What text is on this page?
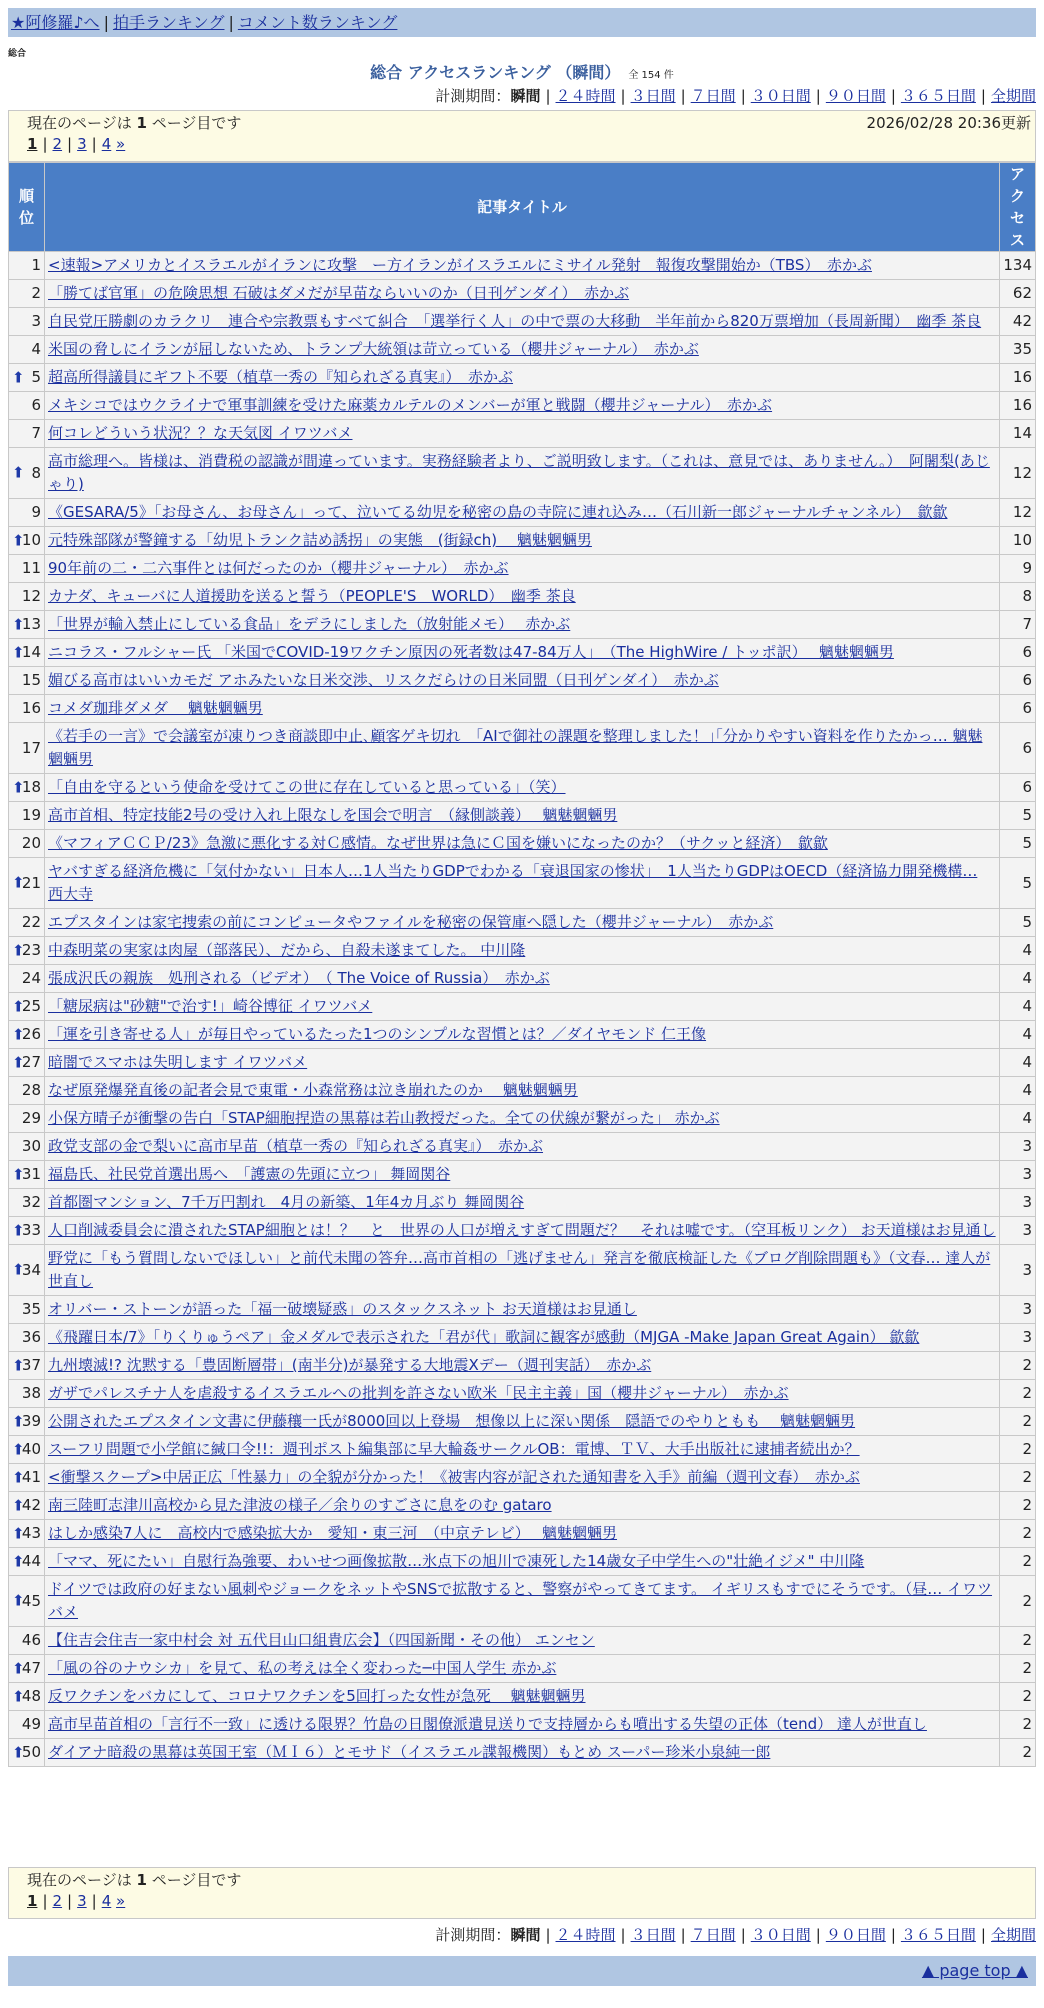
★阿修羅♪へ | 拍手ランキング | コメント数ランキング
総合
総合 アクセスランキング （瞬間） 全 154 件
計測期間：瞬間 | ２４時間 | ３日間 | ７日間 | ３０日間 | ９０日間 | ３６５日間 | 全期間
現在のページは 1 ページ目です	2026/02/28 20:36更新
1 | 2 | 3 | 4 »
順位	記事タイトル	アクセス
1	<速報>アメリカとイスラエルがイランに攻撃　ー方イランがイスラエルにミサイル発射　報復攻撃開始か（TBS）　赤かぶ	134
2	「勝てば官軍」の危険思想 石破はダメだが早苗ならいいのか（日刊ゲンダイ）　赤かぶ	62
3	自民党圧勝劇のカラクリ　連合や宗教票もすべて糾合　「選挙行く人」の中で票の大移動　半年前から820万票増加（長周新聞）　幽季 茶良	42
4	米国の脅しにイランが屈しないため、トランプ大統領は苛立っている（櫻井ジャーナル）　赤かぶ	35

⬆ 5	超高所得議員にギフト不要（植草一秀の『知られざる真実』）　赤かぶ	16
6	メキシコではウクライナで軍事訓練を受けた麻薬カルテルのメンバーが軍と戦闘（櫻井ジャーナル）　赤かぶ	16
7	何コレどういう状況？？な天気図 イワツバメ	14

⬆ 8	高市総理へ。皆様は、消費税の認識が間違っています。実務経験者より、ご説明致します。（これは、意見では、ありません。）　阿闍梨(あじゃり)	12
9	《GESARA/5》「お母さん、お母さん」って、泣いてる幼児を秘密の島の寺院に連れ込み…（石川新一郎ジャーナルチャンネル）　歙歙	12

⬆
10	元特殊部隊が警鐘する「幼児トランク詰め誘拐」の実態　(街録ch)　 魑魅魍魎男	10
11	90年前の二・二六事件とは何だったのか（櫻井ジャーナル）　赤かぶ	9
12	カナダ、キューバに人道援助を送ると誓う（PEOPLE'S　WORLD）　幽季 茶良	8

⬆
13	「世界が輸入禁止にしている食品」をデラにしました（放射能メモ）　 赤かぶ	7

⬆
14	ニコラス・フルシャー氏 「米国でCOVID-19ワクチン原因の死者数は47-84万人」　（The HighWire / トッポ訳）　 魑魅魍魎男	6
15	媚びる高市はいいカモだ アホみたいな日米交渉、リスクだらけの日米同盟（日刊ゲンダイ）　赤かぶ	6
16	コメダ珈琲ダメダ　 魑魅魍魎男	6
17	《若手の一言》で会議室が凍りつき商談即中止､顧客ゲキ切れ　「AIで御社の課題を整理しました！｣｢分かりやすい資料を作りたかっ… 魑魅魍魎男	6

⬆
18	「自由を守るという使命を受けてこの世に存在していると思っている」（笑）	6
19	高市首相、特定技能2号の受け入れ上限なしを国会で明言　（縁側談義）　 魑魅魍魎男	5
20	《マフィアＣＣＰ/23》急激に悪化する対Ｃ感情。なぜ世界は急にＣ国を嫌いになったのか？（サクッと経済）　歙歙	5

⬆
21	ヤバすぎる経済危機に「気付かない」日本人…1人当たりGDPでわかる「衰退国家の惨状」　1人当たりGDPはOECD（経済協力開発機構… 西大寺	5
22	エプスタインは家宅捜索の前にコンピュータやファイルを秘密の保管庫へ隠した（櫻井ジャーナル）　赤かぶ	5

⬆
23	中森明菜の実家は肉屋（部落民）、だから、自殺未遂まてした。 中川隆	4
24	張成沢氏の親族　処刑される（ビデオ）　（ The Voice of Russia）　赤かぶ	4

⬆
25	「糖尿病は"砂糖"で治す!」崎谷博征 イワツバメ	4

⬆
26	「運を引き寄せる人」が毎日やっているたった1つのシンプルな習慣とは？／ダイヤモンド 仁王像	4

⬆
27	暗闇でスマホは失明します イワツバメ	4
28	なぜ原発爆発直後の記者会見で東電・小森常務は泣き崩れたのか　 魑魅魍魎男	4
29	小保方晴子が衝撃の告白「STAP細胞捏造の黒幕は若山教授だった。全ての伏線が繋がった」 赤かぶ	4
30	政党支部の金で梨いに高市早苗（植草一秀の『知られざる真実』）　赤かぶ	3

⬆
31	福島氏、社民党首選出馬へ　「護憲の先頭に立つ」 舞岡関谷	3
32	首都圏マンション、7千万円割れ　4月の新築、1年4カ月ぶり 舞岡関谷	3

⬆
33	人口削減委員会に潰されたSTAP細胞とは！？　と　世界の人口が増えすぎて問題だ？　それは嘘です。（空耳板リンク） お天道様はお見通し	3

⬆
34	野党に「もう質問しないでほしい」と前代未聞の答弁…高市首相の「逃げません」発言を徹底検証した《ブログ削除問題も》（文春… 達人が世直し	3
35	オリバー・ストーンが語った「福一破壊疑惑」のスタックスネット お天道様はお見通し	3
36	《飛躍日本/7》「りくりゅうペア」金メダルで表示された「君が代」歌詞に観客が感動（MJGA -Make Japan Great Again） 歙歙	3

⬆
37	九州壊滅!? 沈黙する「豊固断層帯」(南半分)が暴発する大地震Xデー（週刊実話）　赤かぶ	2
38	ガザでパレスチナ人を虐殺するイスラエルへの批判を許さない欧米「民主主義」国（櫻井ジャーナル）　赤かぶ	2

⬆
39	公開されたエプスタイン文書に伊藤穰一氏が8000回以上登場　想像以上に深い関係　隠語でのやりともも　 魑魅魍魎男	2

⬆
40	スーフリ問題で小学館に緘口令!!：週刊ポスト編集部に早大輪姦サークルOB：電博、ＴＶ、大手出版社に逮捕者続出か？	2

⬆
41	<衝撃スクープ>中居正広「性暴力」の全貌が分かった！《被害内容が記された通知書を入手》前編（週刊文春）　赤かぶ	2

⬆
42	南三陸町志津川高校から見た津波の様子／余りのすごさに息をのむ gataro	2

⬆
43	はしか感染7人に　高校内で感染拡大か　愛知・東三河　（中京テレビ）　 魑魅魍魎男	2

⬆
44	「ママ、死にたい」自慰行為強要、わいせつ画像拡散…氷点下の旭川で凍死した14歳女子中学生への"壮絶イジメ" 中川隆	2

⬆
45	ドイツでは政府の好まない風刺やジョークをネットやSNSで拡散すると、警察がやってきてます。 イギリスもすでにそうです。（昼… イワツバメ	2
46	【住吉会住吉一家中村会 対 五代目山口組貴広会】（四国新聞・その他） エンセン	2

⬆
47	「風の谷のナウシカ」を見て、私の考えは全く変わった─中国人学生 赤かぶ	2

⬆
48	反ワクチンをバカにして、コロナワクチンを5回打った女性が急死　 魑魅魍魎男	2
49	高市早苗首相の「言行不一致」に透ける限界？竹島の日閣僚派遣見送りで支持層からも噴出する失望の正体（tend） 達人が世直し	2

⬆
50	ダイアナ暗殺の黒幕は英国王室（ＭＩ６）とモサド（イスラエル諜報機関）もとめ スーパー珍米小泉純一郎	2
現在のページは 1 ページ目です
1 | 2 | 3 | 4 »
計測期間：瞬間 | ２４時間 | ３日間 | ７日間 | ３０日間 | ９０日間 | ３６５日間 | 全期間
▲ page top ▲
